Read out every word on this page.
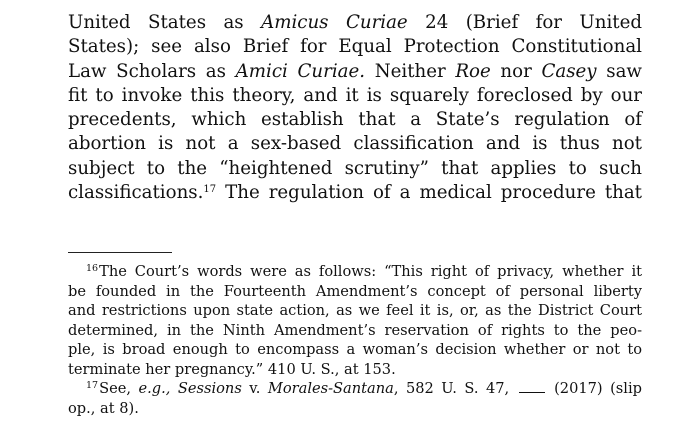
United States as Amicus Curiae 24 (Brief for United
States); see also Brief for Equal Protection Constitutional
Law Scholars as Amici Curiae. Neither Roe nor Casey saw
fit to invoke this theory, and it is squarely foreclosed by our
precedents, which establish that a State’s regulation of
abortion is not a sex-based classification and is thus not
subject to the “heightened scrutiny” that applies to such
classifications.$^{17}$ The regulation of a medical procedure that

$^{16}$The Court’s words were as follows: “This right of privacy, whether it
be founded in the Fourteenth Amendment’s concept of personal liberty
and restrictions upon state action, as we feel it is, or, as the District Court
determined, in the Ninth Amendment’s reservation of rights to the peo-
ple, is broad enough to encompass a woman’s decision whether or not to
terminate her pregnancy.” 410 U. S., at 153.
$^{17}$See, e.g., Sessions v. Morales-Santana, 582 U. S. 47,  (2017) (slip
op., at 8).
